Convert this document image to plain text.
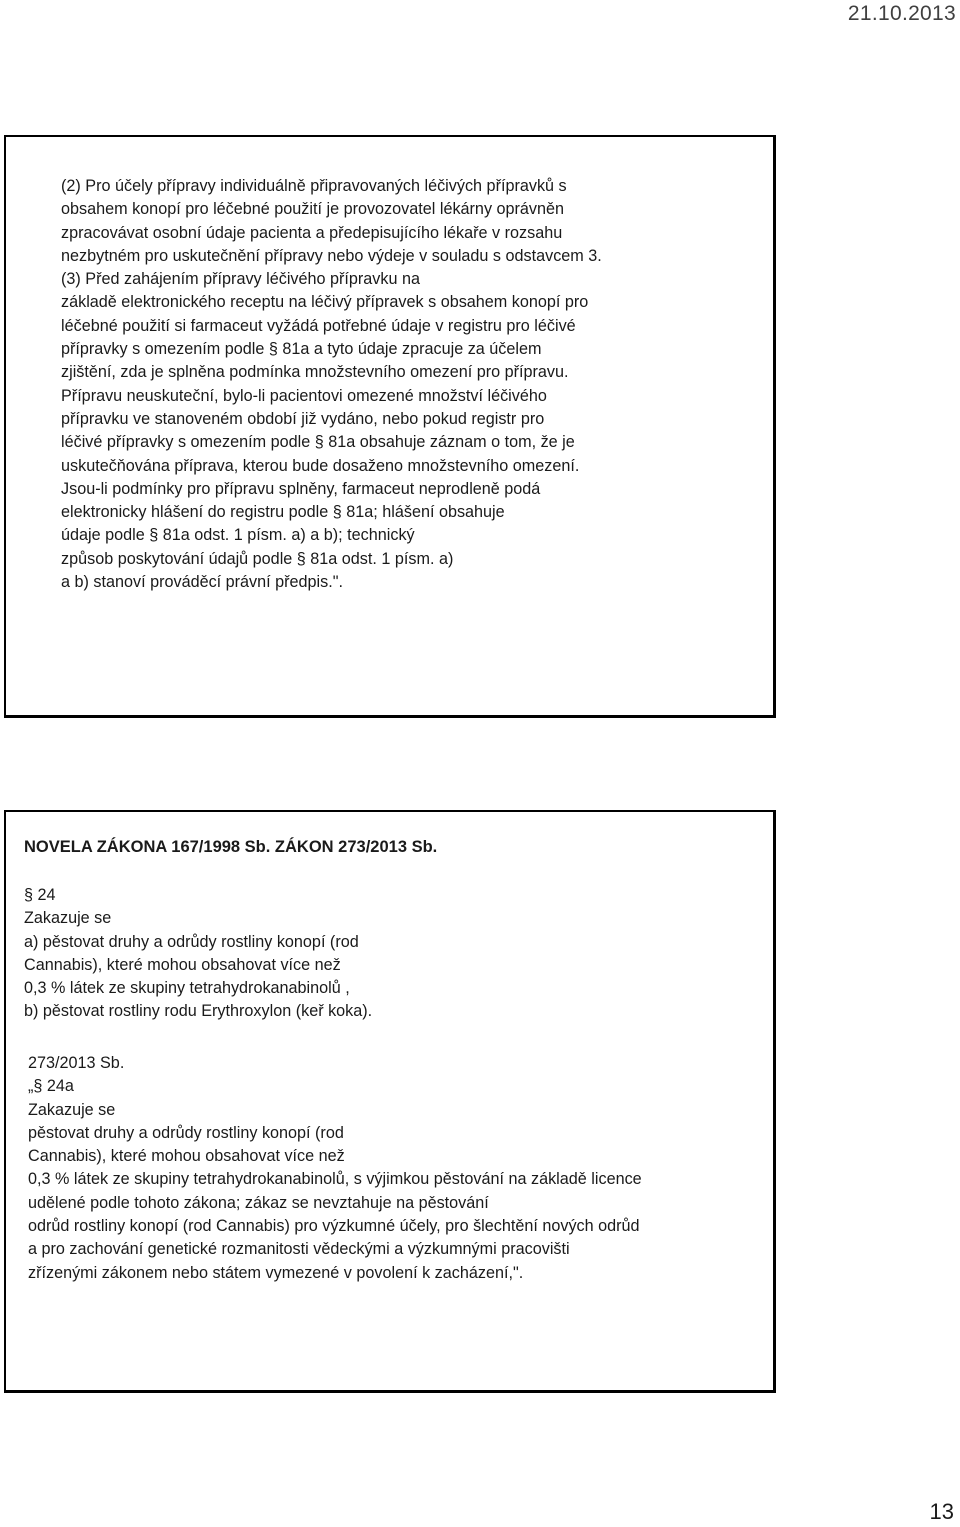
21.10.2013
(2) Pro účely přípravy individuálně připravovaných léčivých přípravků s
obsahem konopí pro léčebné použití je provozovatel lékárny oprávněn
zpracovávat osobní údaje pacienta a předepisujícího lékaře v rozsahu
nezbytném pro uskutečnění přípravy nebo výdeje v souladu s odstavcem 3.
(3) Před zahájením přípravy léčivého přípravku na
základě elektronického receptu na léčivý přípravek s obsahem konopí pro
léčebné použití si farmaceut vyžádá potřebné údaje v registru pro léčivé
přípravky s omezením podle § 81a a tyto údaje zpracuje za účelem
zjištění, zda je splněna podmínka množstevního omezení pro přípravu.
Přípravu neuskuteční, bylo-li pacientovi omezené množství léčivého
přípravku ve stanoveném období již vydáno, nebo pokud registr pro
léčivé přípravky s omezením podle § 81a obsahuje záznam o tom, že je
uskutečňována příprava, kterou bude dosaženo množstevního omezení.
Jsou-li podmínky pro přípravu splněny, farmaceut neprodleně podá
elektronicky hlášení do registru podle § 81a; hlášení obsahuje
údaje podle § 81a odst. 1 písm. a) a b); technický
způsob poskytování údajů podle § 81a odst. 1 písm. a)
a b) stanoví prováděcí právní předpis.".
NOVELA ZÁKONA 167/1998 Sb. ZÁKON 273/2013 Sb.
§ 24
Zakazuje se
a) pěstovat druhy a odrůdy rostliny konopí (rod
Cannabis), které mohou obsahovat více než
0,3 % látek ze skupiny tetrahydrokanabinolů ,
b) pěstovat rostliny rodu Erythroxylon (keř koka).
273/2013 Sb.
„§ 24a
Zakazuje se
pěstovat druhy a odrůdy rostliny konopí (rod
Cannabis), které mohou obsahovat více než
0,3 % látek ze skupiny tetrahydrokanabinolů, s výjimkou pěstování na základě licence
udělené podle tohoto zákona; zákaz se nevztahuje na pěstování
odrůd rostliny konopí (rod Cannabis) pro výzkumné účely, pro šlechtění nových odrůd
a pro zachování genetické rozmanitosti vědeckými a výzkumnými pracovišti
zřízenými zákonem nebo státem vymezené v povolení k zacházení,".
13
